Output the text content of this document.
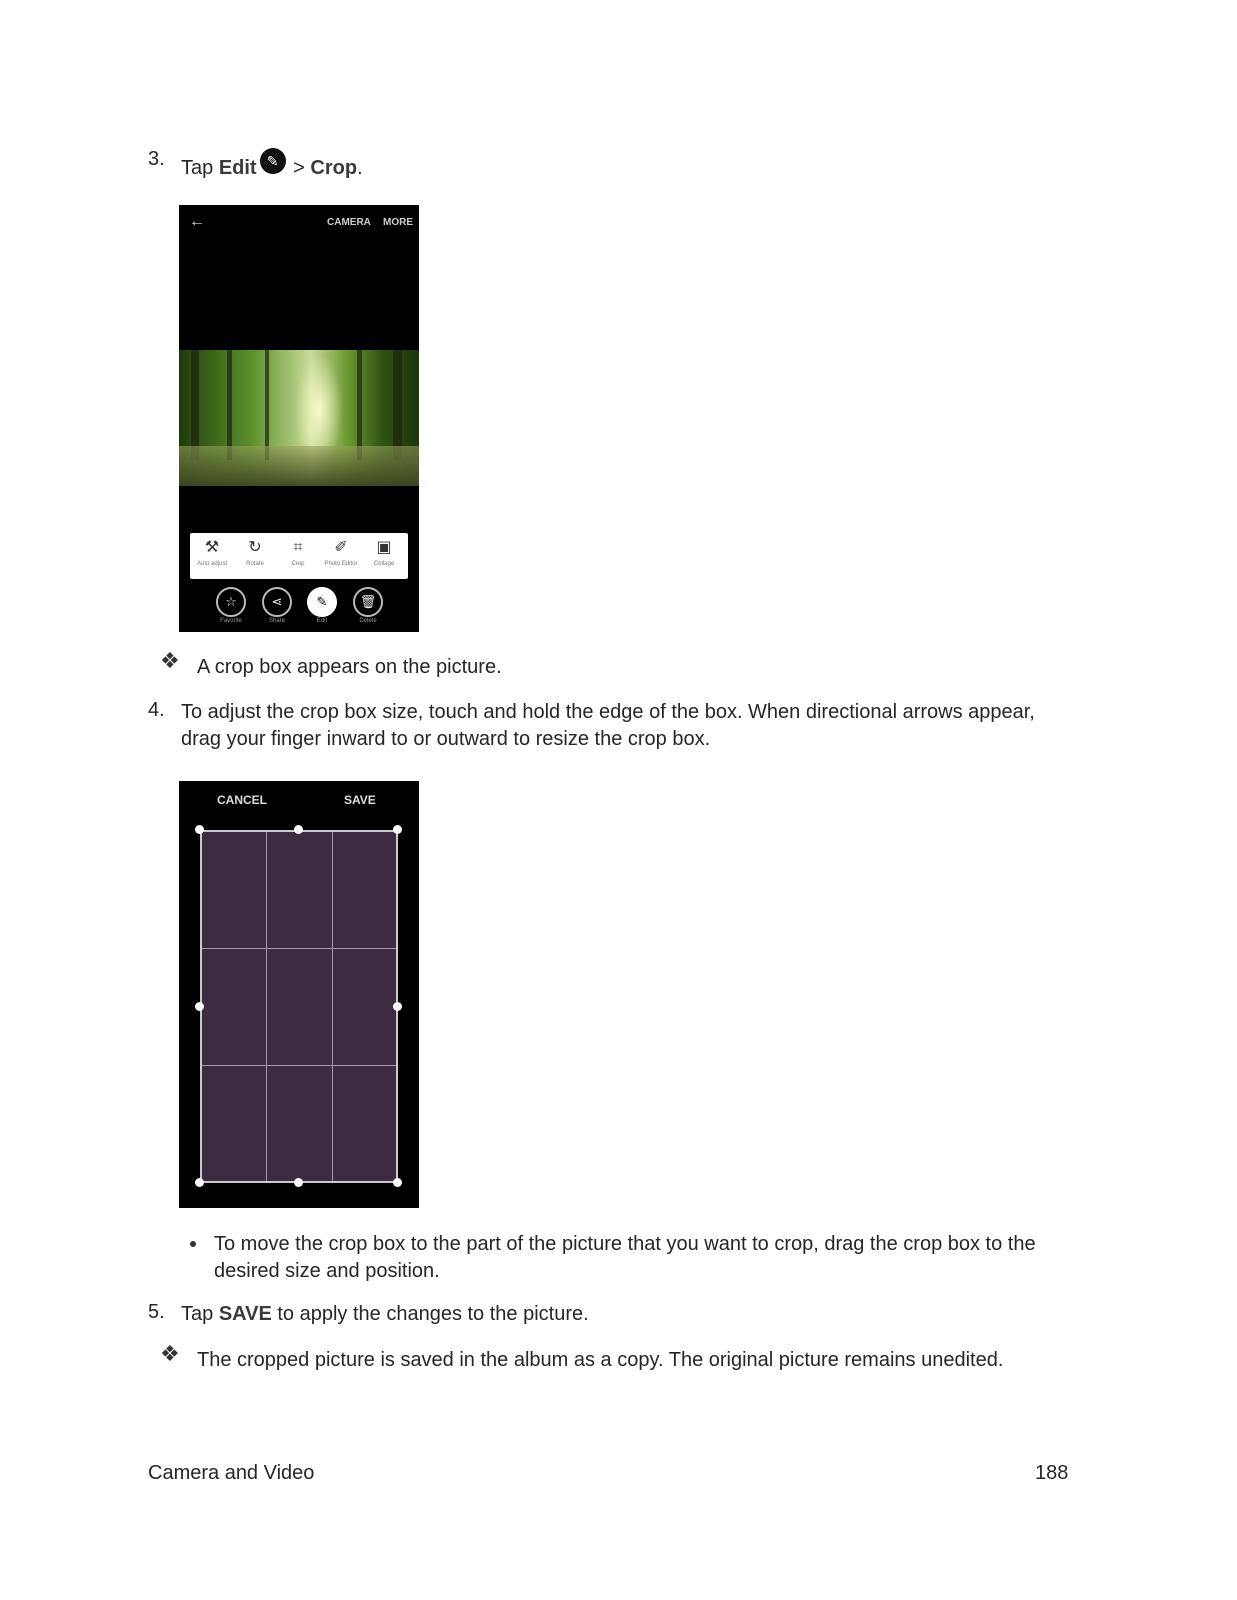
3. Tap Edit ✎ > Crop.
←	CAMERA MORE
⚒
Auto adjust
↻
Rotate
⌗
Crop
✐
Photo Editor
▣
Collage
☆	⋖	✎	🗑
Favorite	Share	Edit	Delete
❖ A crop box appears on the picture.
4. To adjust the crop box size, touch and hold the edge of the box. When directional arrows appear,
drag your finger inward to or outward to resize the crop box.
CANCEL	SAVE
To move the crop box to the part of the picture that you want to crop, drag the crop box to the
desired size and position.
5. Tap SAVE to apply the changes to the picture.
❖ The cropped picture is saved in the album as a copy. The original picture remains unedited.
Camera and Video	188
